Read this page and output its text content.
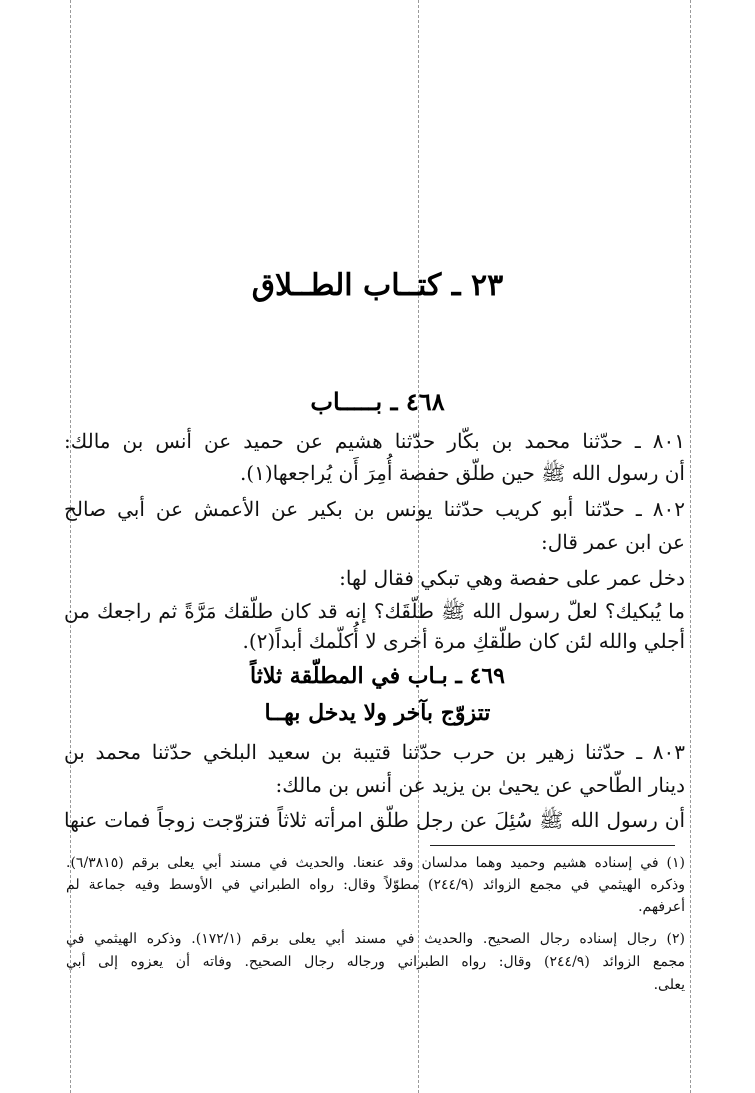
٢٣ ـ كتــاب الطــلاق
٤٦٨ ـ بـــــاب
٨٠١ ـ حدّثنا محمد بن بكّار حدّثنا هشيم عن حميد عن أنس بن مالك:
أن رسول الله ﷺ حين طلّق حفصة أُمِرَ أَن يُراجعها(١).
٨٠٢ ـ حدّثنا أبو كريب حدّثنا يونس بن بكير عن الأعمش عن أبي صالح
عن ابن عمر قال:
دخل عمر على حفصة وهي تبكي فقال لها:
ما يُبكيك؟ لعلّ رسول الله ﷺ طلّقَك؟ إنه قد كان طلّقك مَرَّةً ثم راجعك من
أجلي والله لئن كان طلّقكِ مرة أخرى لا أُكلّمك أبداً(٢).
٤٦٩ ـ بـاب في المطلّقة ثلاثاً
تتزوّج بآخر ولا يدخل بهــا
٨٠٣ ـ حدّثنا زهير بن حرب حدّثنا قتيبة بن سعيد البلخي حدّثنا محمد بن
دينار الطّاحي عن يحيىٰ بن يزيد عن أنس بن مالك:
أن رسول الله ﷺ سُئِلَ عن رجل طلّق امرأته ثلاثاً فتزوّجت زوجاً فمات عنها
(١) في إسناده هشيم وحميد وهما مدلسان وقد عنعنا. والحديث في مسند أبي يعلى برقم (٦/٣٨١٥).
وذكره الهيثمي في مجمع الزوائد (٢٤٤/٩) مطوّلاً وقال: رواه الطبراني في الأوسط وفيه جماعة لم
أعرفهم.
(٢) رجال إسناده رجال الصحيح. والحديث في مسند أبي يعلى برقم (١٧٢/١). وذكره الهيثمي في
مجمع الزوائد (٢٤٤/٩) وقال: رواه الطبراني ورجاله رجال الصحيح. وفاته أن يعزوه إلى أبي
يعلى.
